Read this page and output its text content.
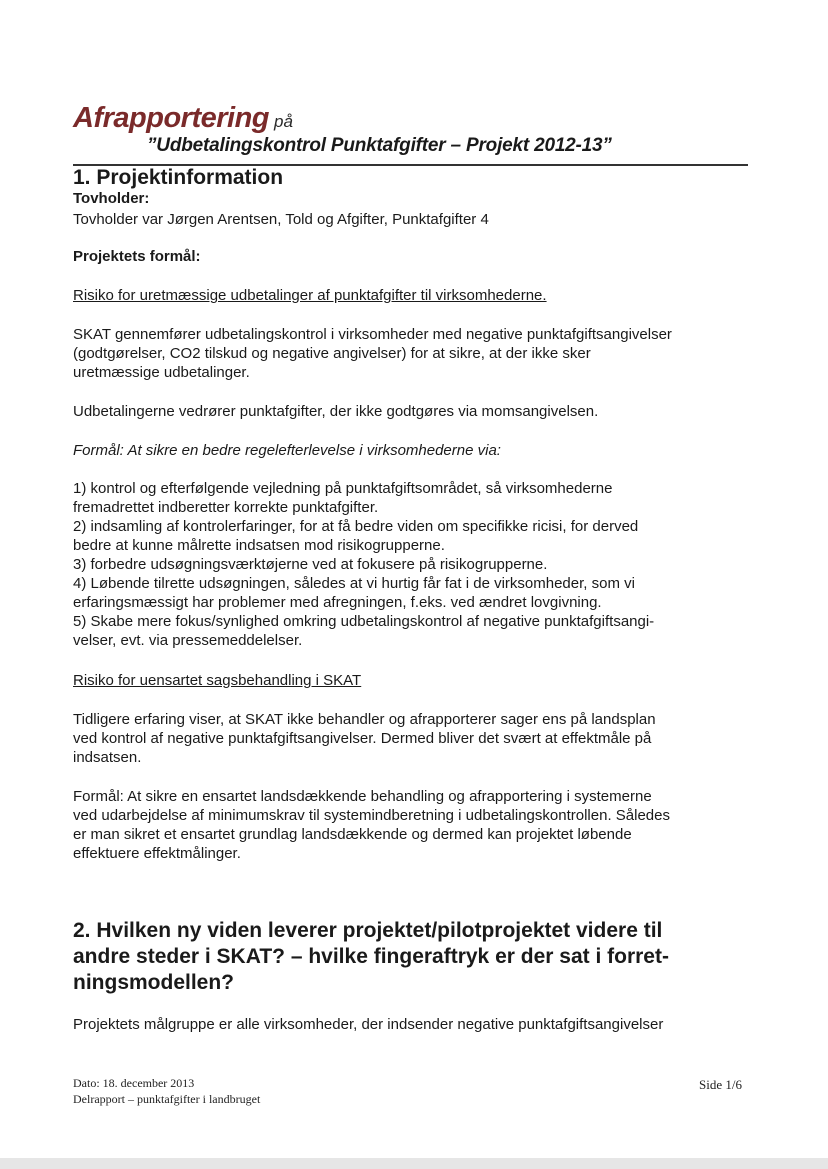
Afrapportering på
”Udbetalingskontrol Punktafgifter – Projekt 2012-13”
1. Projektinformation
Tovholder:
Tovholder var Jørgen Arentsen, Told og Afgifter, Punktafgifter 4
Projektets formål:
Risiko for uretmæssige udbetalinger af punktafgifter til virksomhederne.
SKAT gennemfører udbetalingskontrol i virksomheder med negative punktafgiftsangivelser
(godtgørelser, CO2 tilskud og negative angivelser) for at sikre, at der ikke sker
uretmæssige udbetalinger.
Udbetalingerne vedrører punktafgifter, der ikke godtgøres via momsangivelsen.
Formål: At sikre en bedre regelefterlevelse i virksomhederne via:
1) kontrol og efterfølgende vejledning på punktafgiftsområdet, så virksomhederne
fremadrettet indberetter korrekte punktafgifter.
2) indsamling af kontrolerfaringer, for at få bedre viden om specifikke ricisi, for derved
bedre at kunne målrette indsatsen mod risikogrupperne.
3) forbedre udsøgningsværktøjerne ved at fokusere på risikogrupperne.
4) Løbende tilrette udsøgningen, således at vi hurtig får fat i de virksomheder, som vi
erfaringsmæssigt har problemer med afregningen, f.eks. ved ændret lovgivning.
5) Skabe mere fokus/synlighed omkring udbetalingskontrol af negative punktafgiftsangi-
velser, evt. via pressemeddelelser.
Risiko for uensartet sagsbehandling i SKAT
Tidligere erfaring viser, at SKAT ikke behandler og afrapporterer sager ens på landsplan
ved kontrol af negative punktafgiftsangivelser. Dermed bliver det svært at effektmåle på
indsatsen.
Formål: At sikre en ensartet landsdækkende behandling og afrapportering i systemerne
ved udarbejdelse af minimumskrav til systemindberetning i udbetalingskontrollen. Således
er man sikret et ensartet grundlag landsdækkende og dermed kan projektet løbende
effektuere effektmålinger.
2. Hvilken ny viden leverer projektet/pilotprojektet videre til
andre steder i SKAT? – hvilke fingeraftryk er der sat i forret-
ningsmodellen?
Projektets målgruppe er alle virksomheder, der indsender negative punktafgiftsangivelser
Dato: 18. december 2013
Delrapport – punktafgifter i landbruget
Side 1/6
